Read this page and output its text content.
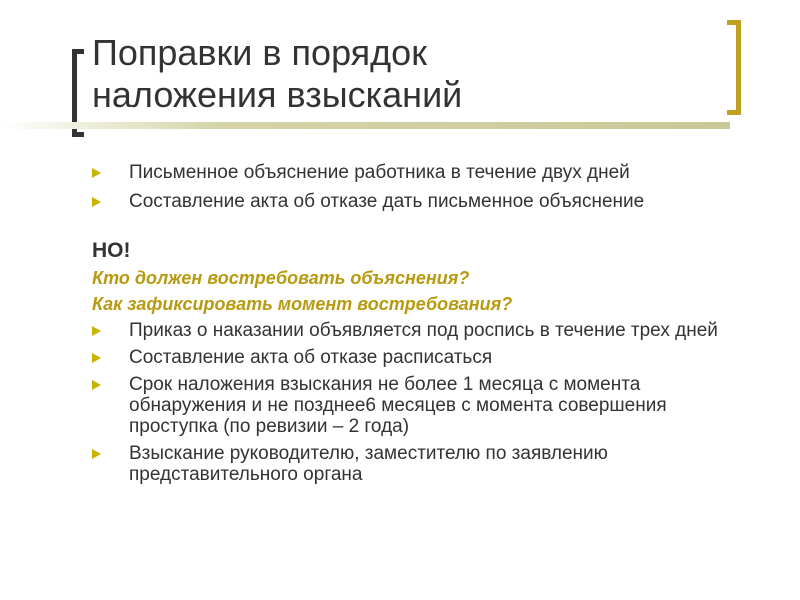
Поправки в порядок
наложения взысканий
Письменное объяснение работника в течение двух дней
Составление акта об отказе дать письменное объяснение

НО!

Кто должен востребовать объяснения?

Как зафиксировать момент востребования?

Приказ о наказании объявляется под роспись в течение трех дней
Составление акта об отказе расписаться
Срок наложения взыскания не более 1 месяца с момента обнаружения и не позднее6 месяцев с момента совершения проступка (по ревизии – 2 года)
Взыскание руководителю, заместителю по заявлению представительного органа
